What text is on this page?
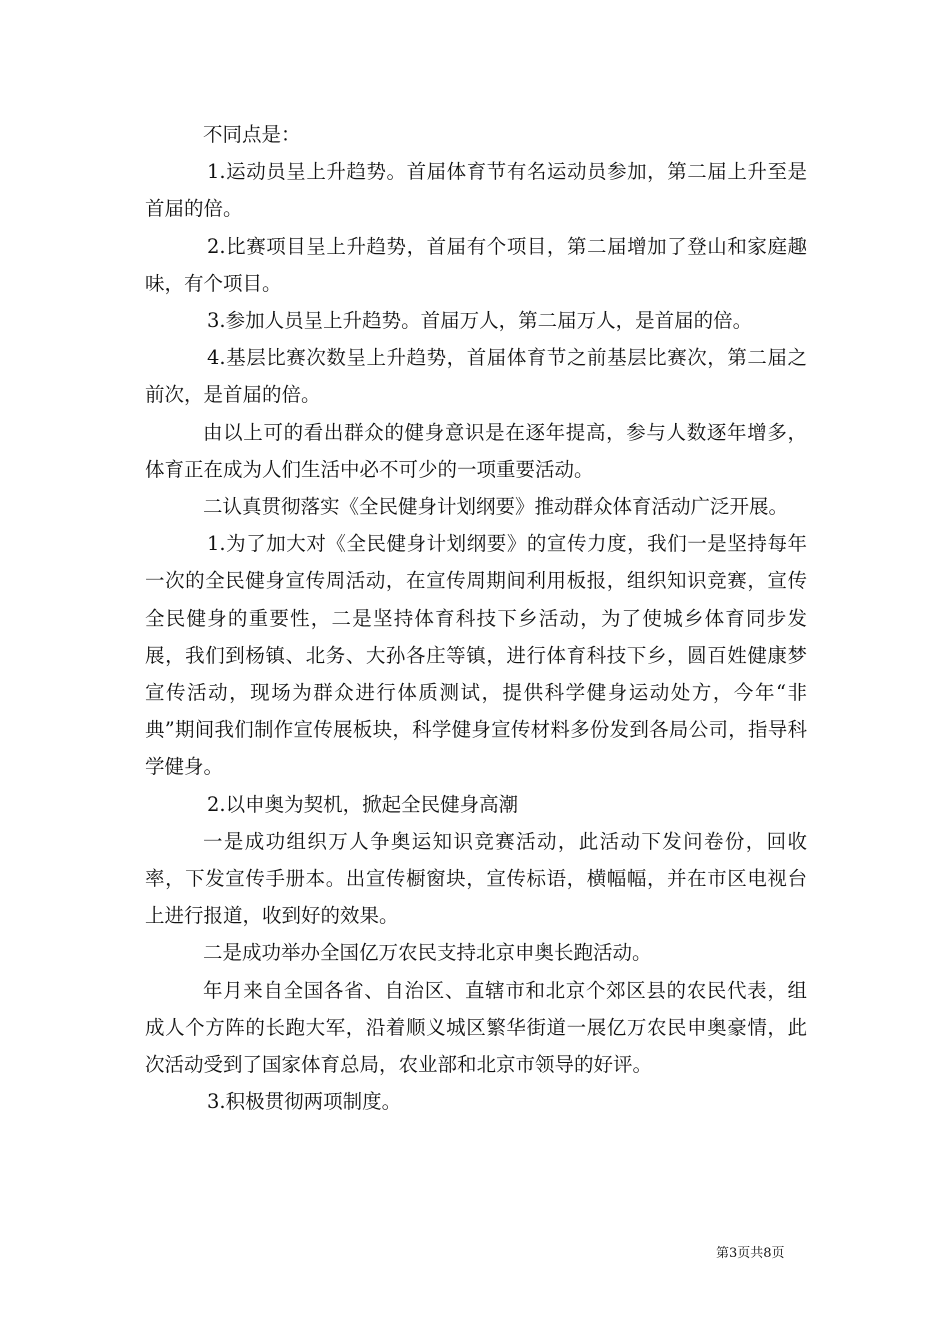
不同点是：

1.运动员呈上升趋势。首届体育节有名运动员参加，第二届上升至是首届的倍。

2.比赛项目呈上升趋势，首届有个项目，第二届增加了登山和家庭趣味，有个项目。

3.参加人员呈上升趋势。首届万人，第二届万人，是首届的倍。

4.基层比赛次数呈上升趋势，首届体育节之前基层比赛次，第二届之前次，是首届的倍。

由以上可的看出群众的健身意识是在逐年提高，参与人数逐年增多，体育正在成为人们生活中必不可少的一项重要活动。

二认真贯彻落实《全民健身计划纲要》推动群众体育活动广泛开展。

1.为了加大对《全民健身计划纲要》的宣传力度，我们一是坚持每年一次的全民健身宣传周活动，在宣传周期间利用板报，组织知识竞赛，宣传全民健身的重要性，二是坚持体育科技下乡活动，为了使城乡体育同步发展，我们到杨镇、北务、大孙各庄等镇，进行体育科技下乡，圆百姓健康梦宣传活动，现场为群众进行体质测试，提供科学健身运动处方，今年“非典”期间我们制作宣传展板块，科学健身宣传材料多份发到各局公司，指导科学健身。

2.以申奥为契机，掀起全民健身高潮

一是成功组织万人争奥运知识竞赛活动，此活动下发问卷份，回收率，下发宣传手册本。出宣传橱窗块，宣传标语，横幅幅，并在市区电视台上进行报道，收到好的效果。

二是成功举办全国亿万农民支持北京申奥长跑活动。

年月来自全国各省、自治区、直辖市和北京个郊区县的农民代表，组成人个方阵的长跑大军，沿着顺义城区繁华街道一展亿万农民申奥豪情，此次活动受到了国家体育总局，农业部和北京市领导的好评。

3.积极贯彻两项制度。

第3页共8页
